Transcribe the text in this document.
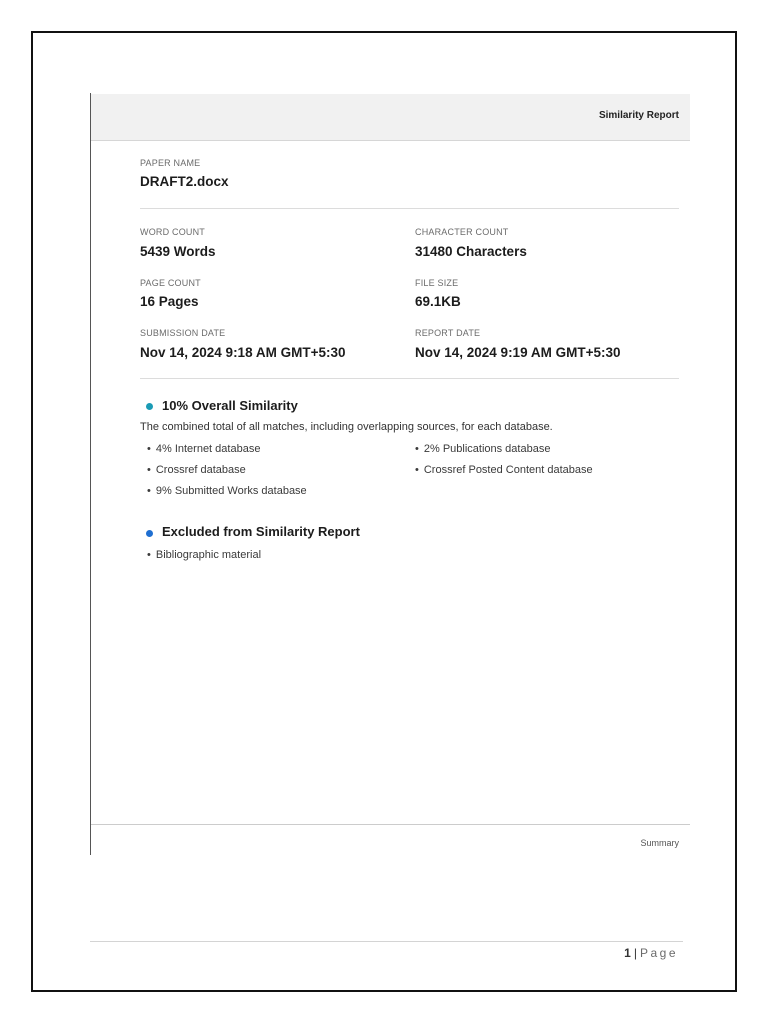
Similarity Report
PAPER NAME
DRAFT2.docx
WORD COUNT
5439 Words
CHARACTER COUNT
31480 Characters
PAGE COUNT
16 Pages
FILE SIZE
69.1KB
SUBMISSION DATE
Nov 14, 2024 9:18 AM GMT+5:30
REPORT DATE
Nov 14, 2024 9:19 AM GMT+5:30
10% Overall Similarity
The combined total of all matches, including overlapping sources, for each database.
• 4% Internet database
• Crossref database
• 9% Submitted Works database
• 2% Publications database
• Crossref Posted Content database
Excluded from Similarity Report
• Bibliographic material
Summary
1 | Page
